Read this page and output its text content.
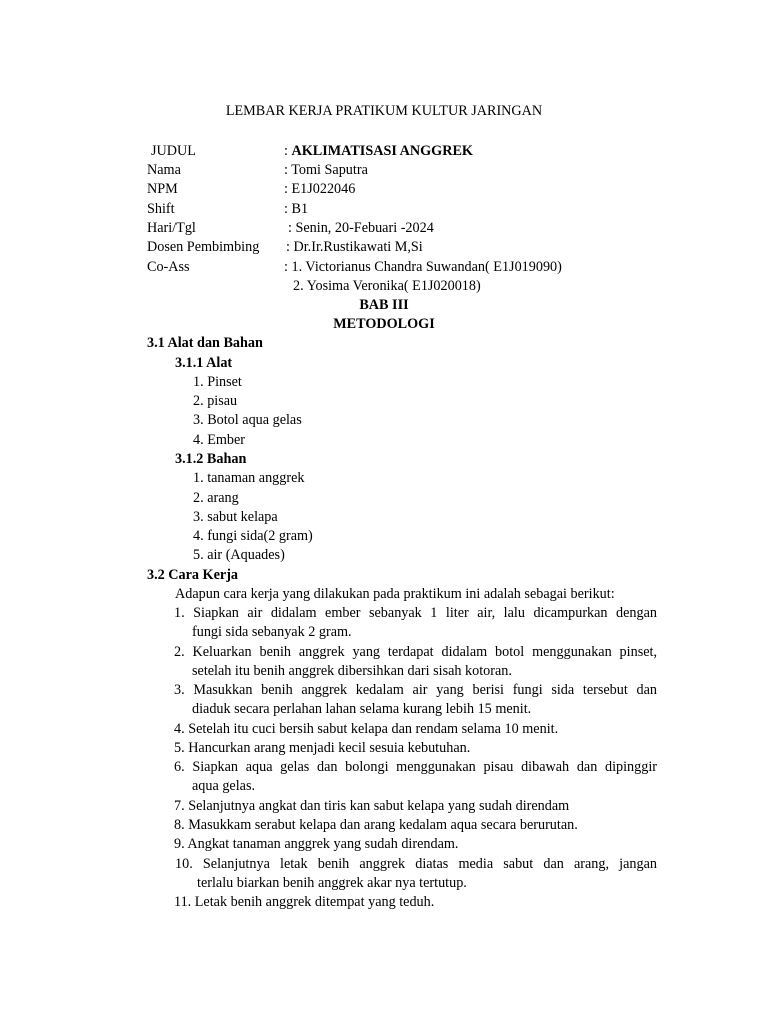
LEMBAR KERJA PRATIKUM KULTUR JARINGAN
JUDUL	: AKLIMATISASI ANGGREK
Nama	: Tomi Saputra
NPM	: E1J022046
Shift	: B1
Hari/Tgl	: Senin, 20-Febuari -2024
Dosen Pembimbing : Dr.Ir.Rustikawati M,Si
Co-Ass	: 1. Victorianus Chandra Suwandan( E1J019090)
2. Yosima Veronika( E1J020018)
BAB III
METODOLOGI
3.1 Alat dan Bahan
3.1.1 Alat
1. Pinset
2. pisau
3. Botol aqua gelas
4. Ember
3.1.2 Bahan
1. tanaman anggrek
2. arang
3. sabut kelapa
4. fungi sida(2 gram)
5. air (Aquades)
3.2 Cara Kerja
Adapun cara kerja yang dilakukan pada praktikum ini adalah sebagai berikut:
1. Siapkan air didalam ember sebanyak 1 liter air, lalu dicampurkan dengan
fungi sida sebanyak 2 gram.
2. Keluarkan benih anggrek yang terdapat didalam botol menggunakan pinset,
setelah itu benih anggrek dibersihkan dari sisah kotoran.
3. Masukkan benih anggrek kedalam air yang berisi fungi sida tersebut dan
diaduk secara perlahan lahan selama kurang lebih 15 menit.
4. Setelah itu cuci bersih sabut kelapa dan rendam selama 10 menit.
5. Hancurkan arang menjadi kecil sesuia kebutuhan.
6. Siapkan aqua gelas dan bolongi menggunakan pisau dibawah dan dipinggir
aqua gelas.
7. Selanjutnya angkat dan tiris kan sabut kelapa yang sudah direndam
8. Masukkam serabut kelapa dan arang kedalam aqua secara berurutan.
9. Angkat tanaman anggrek yang sudah direndam.
10. Selanjutnya letak benih anggrek diatas media sabut dan arang, jangan
terlalu biarkan benih anggrek akar nya tertutup.
11. Letak benih anggrek ditempat yang teduh.
